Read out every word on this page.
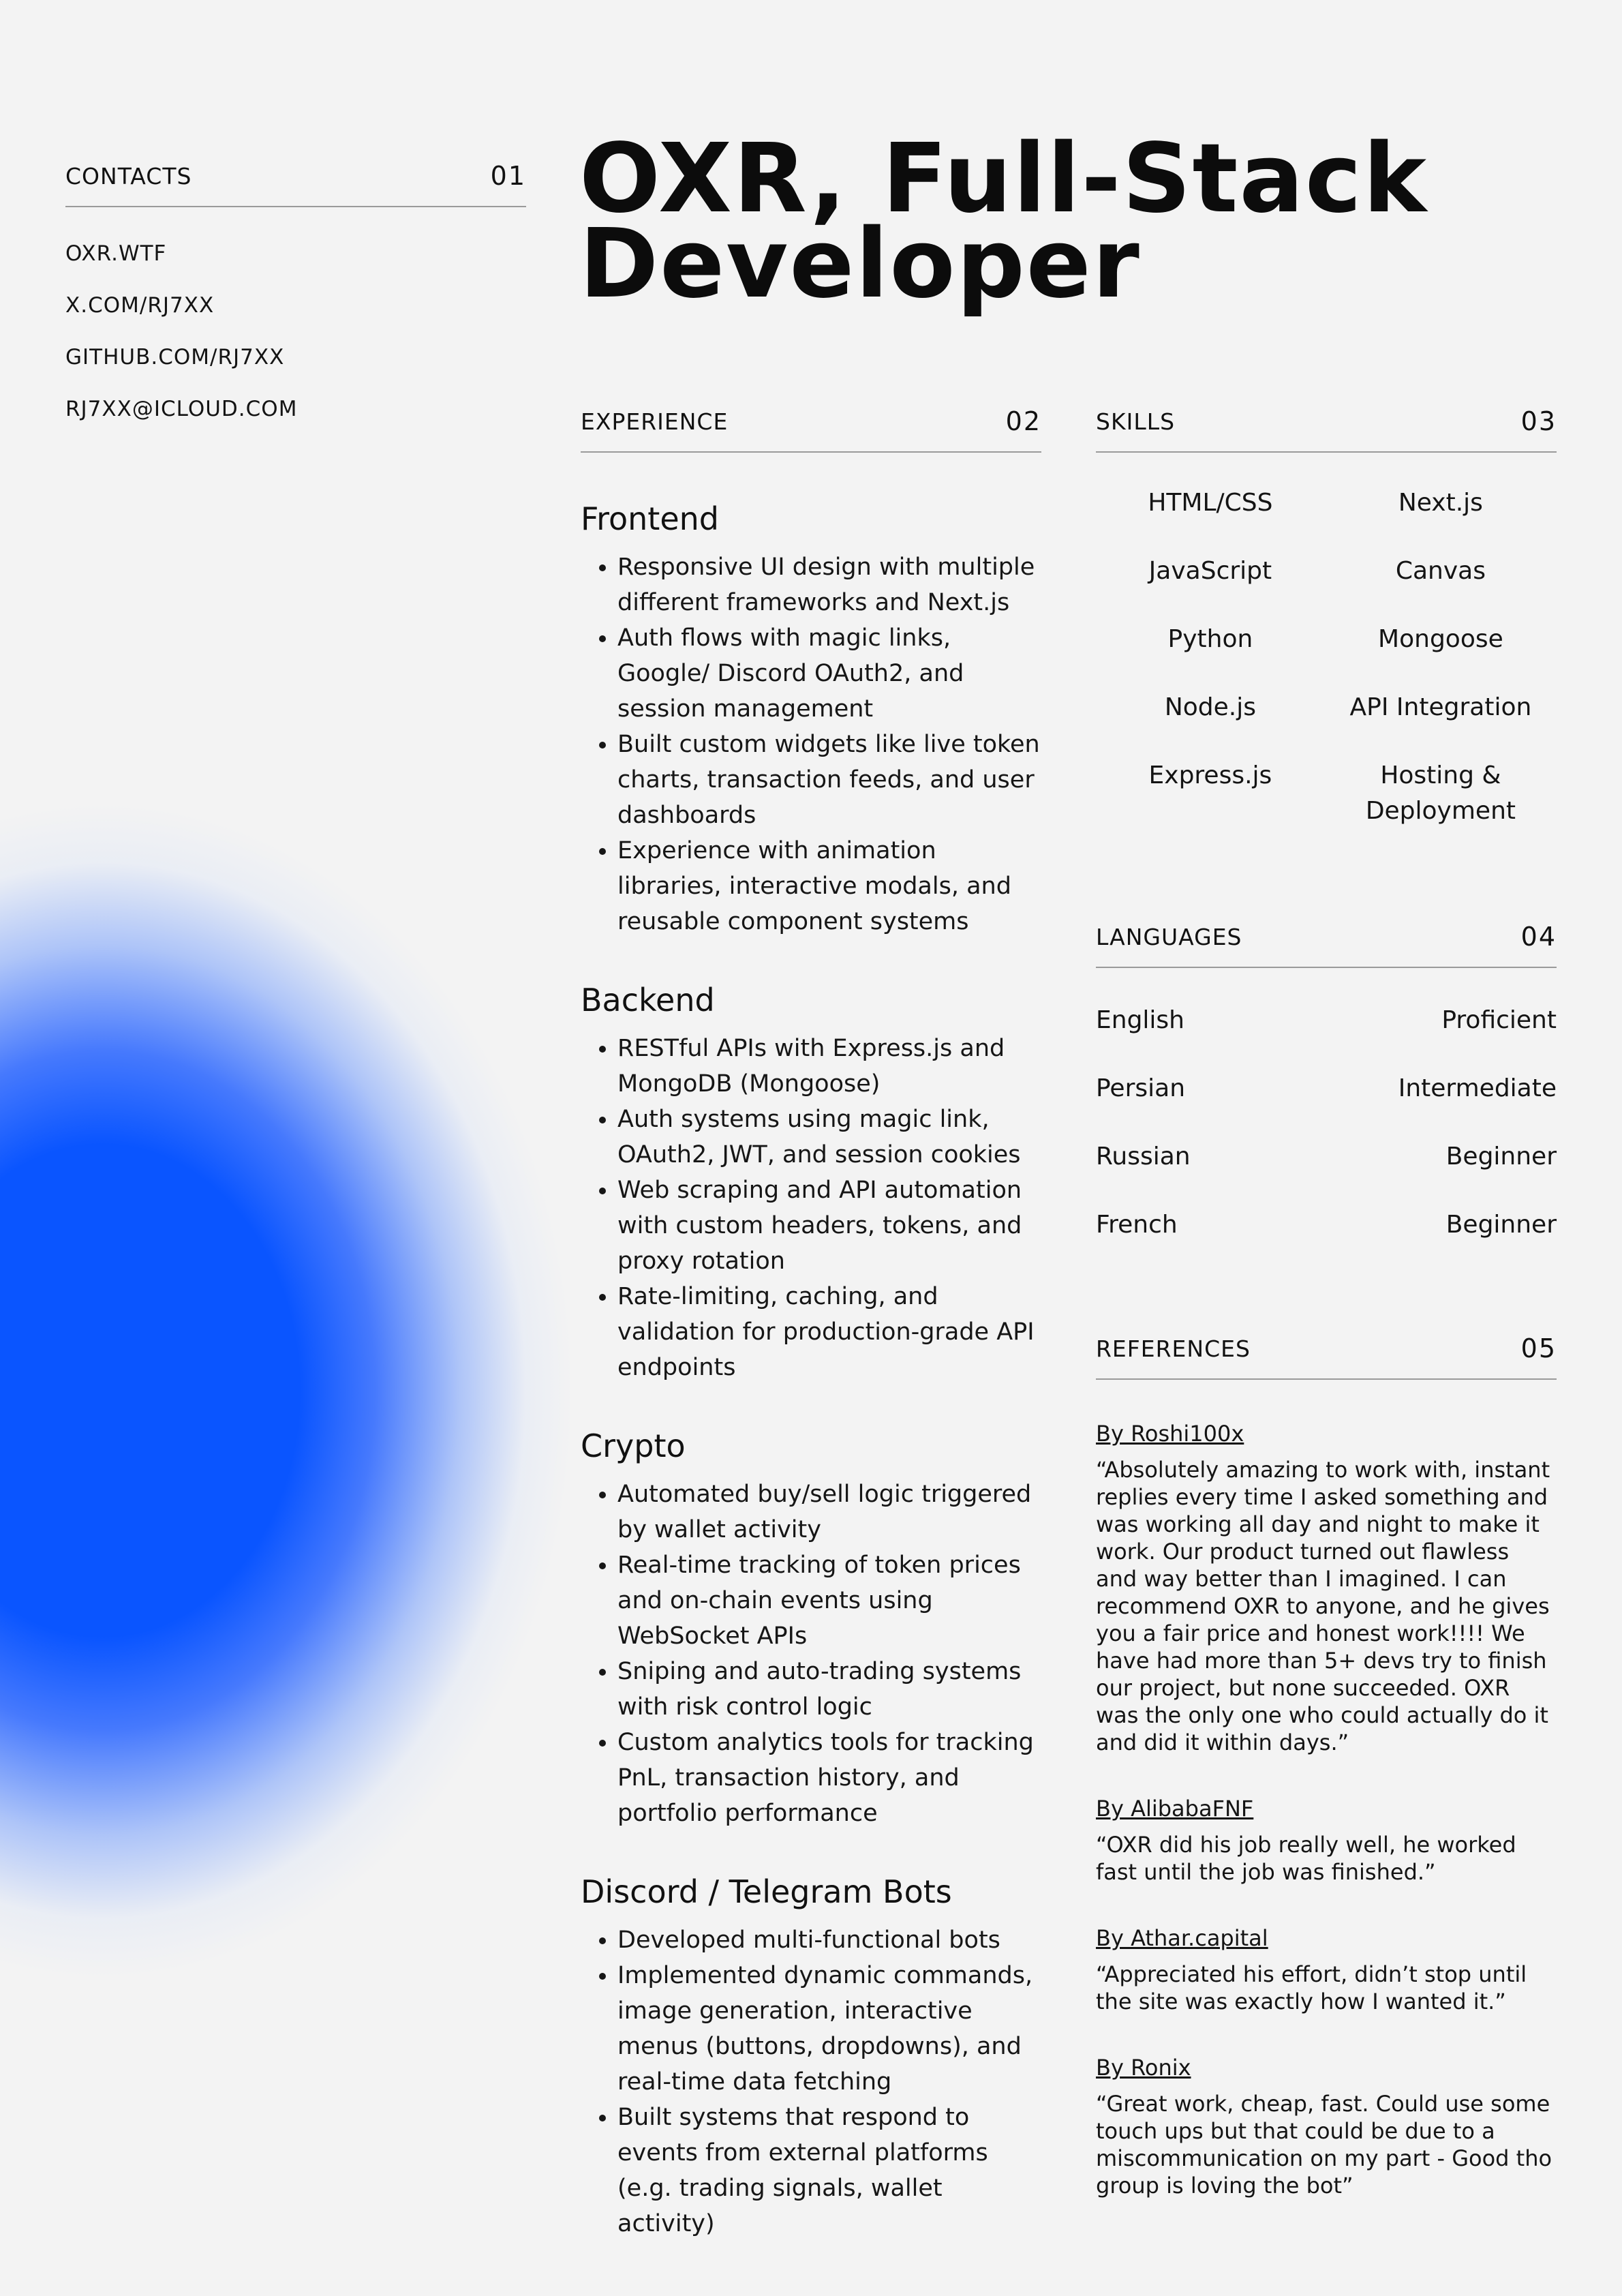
CONTACTS	01
OXR.WTF
X.COM/RJ7XX
GITHUB.COM/RJ7XX
RJ7XX@ICLOUD.COM
OXR, Full-Stack
Developer
EXPERIENCE	02
Frontend
• Responsive UI design with multiple different frameworks and Next.js
• Auth flows with magic links, Google/ Discord OAuth2, and session management
• Built custom widgets like live token charts, transaction feeds, and user dashboards
• Experience with animation libraries, interactive modals, and reusable component systems
Backend
• RESTful APIs with Express.js and MongoDB (Mongoose)
• Auth systems using magic link, OAuth2, JWT, and session cookies
• Web scraping and API automation with custom headers, tokens, and proxy rotation
• Rate-limiting, caching, and validation for production-grade API endpoints
Crypto
• Automated buy/sell logic triggered by wallet activity
• Real-time tracking of token prices and on-chain events using WebSocket APIs
• Sniping and auto-trading systems with risk control logic
• Custom analytics tools for tracking PnL, transaction history, and portfolio performance
Discord / Telegram Bots
• Developed multi-functional bots
• Implemented dynamic commands, image generation, interactive menus (buttons, dropdowns), and real-time data fetching
• Built systems that respond to events from external platforms (e.g. trading signals, wallet activity)
SKILLS	03
HTML/CSS	Next.js
JavaScript	Canvas
Python	Mongoose
Node.js	API Integration
Express.js	Hosting & Deployment
LANGUAGES	04
English	Proficient
Persian	Intermediate
Russian	Beginner
French	Beginner
REFERENCES	05
By Roshi100x
“Absolutely amazing to work with, instant replies every time I asked something and was working all day and night to make it work. Our product turned out flawless and way better than I imagined. I can recommend OXR to anyone, and he gives you a fair price and honest work!!!! We have had more than 5+ devs try to finish our project, but none succeeded. OXR was the only one who could actually do it and did it within days.”
By AlibabaFNF
“OXR did his job really well, he worked fast until the job was finished.”
By Athar.capital
“Appreciated his effort, didn’t stop until the site was exactly how I wanted it.”
By Ronix
“Great work, cheap, fast. Could use some touch ups but that could be due to a miscommunication on my part - Good tho group is loving the bot”
